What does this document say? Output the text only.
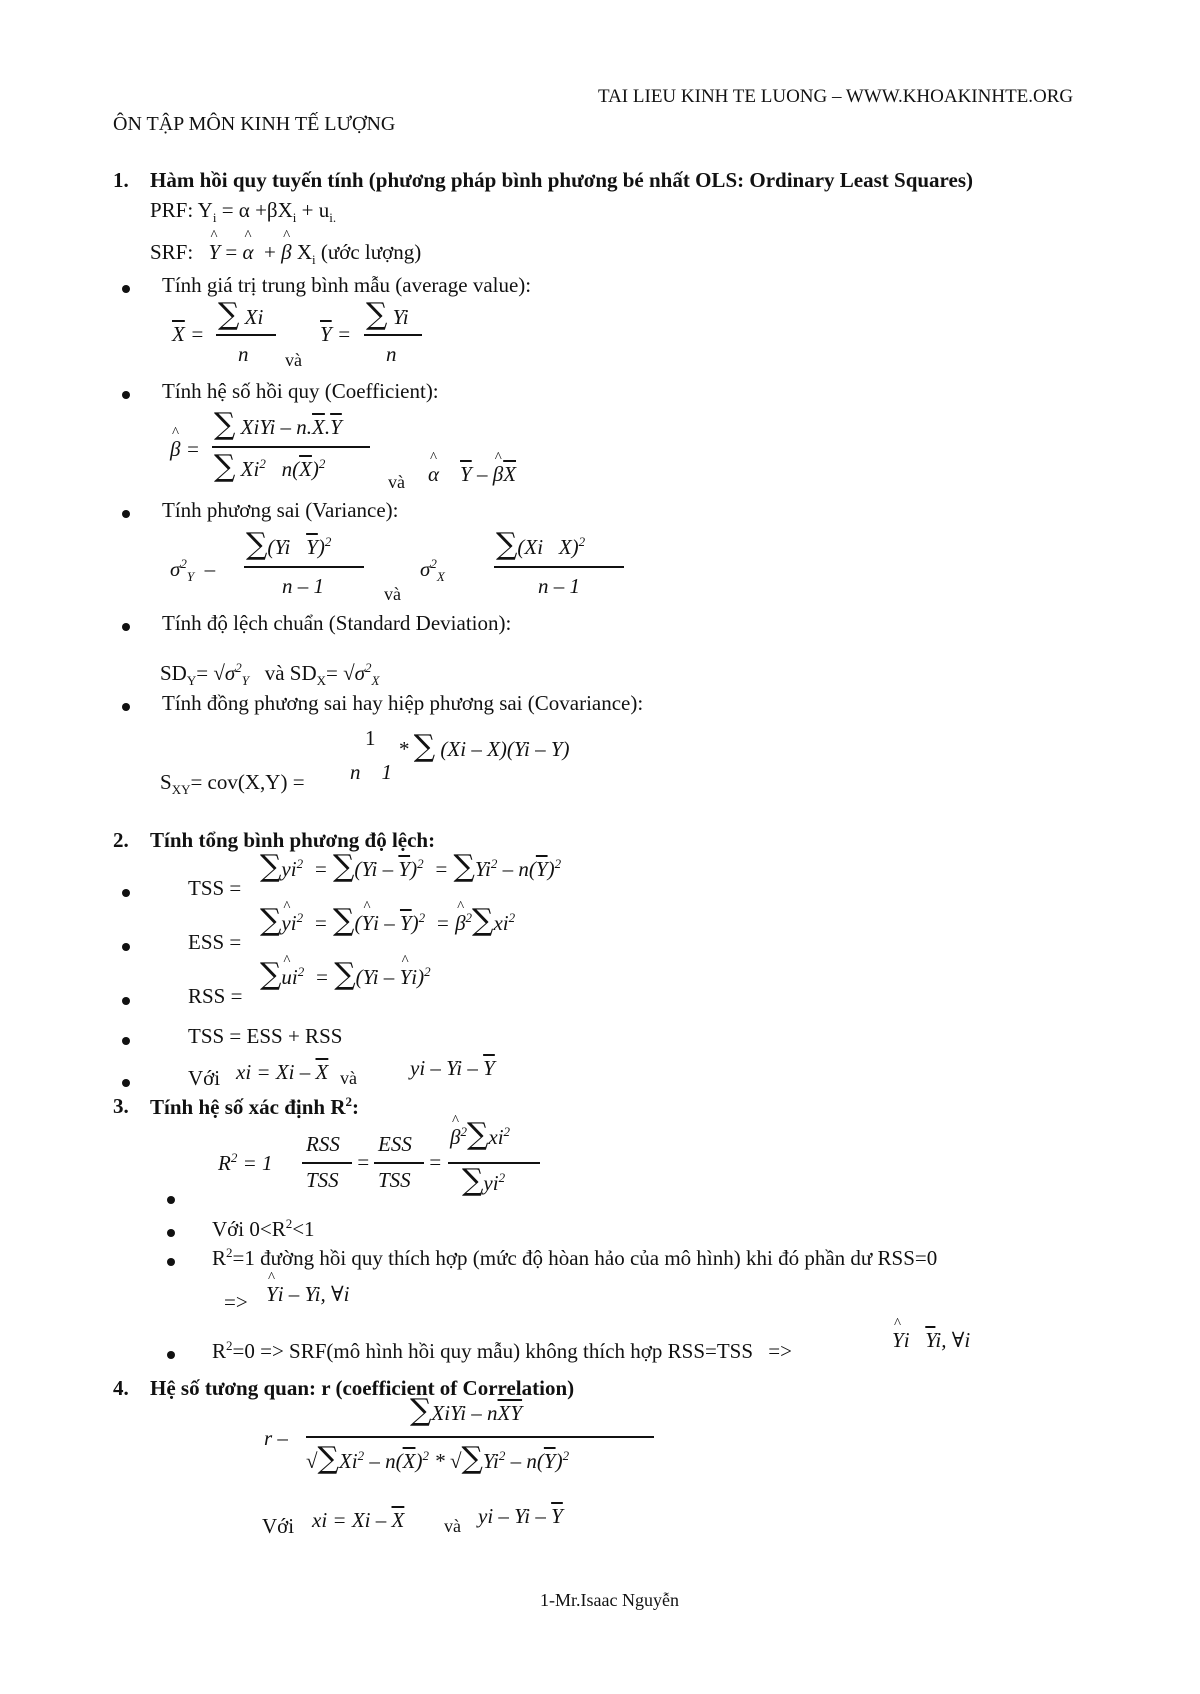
TAI LIEU KINH TE LUONG – WWW.KHOAKINHTE.ORG
ÔN TẬP MÔN KINH TẾ LƯỢNG
1. Hàm hồi quy tuyến tính (phương pháp bình phương bé nhất OLS: Ordinary Least Squares)
PRF: $Y_i = \alpha +\beta X_i + u_{i.}$
SRF: ^ Y = ^ α  + ^ β $X_i$ (ước lượng)
Tính giá trị trung bình mẫu (average value):
$\overline{X}$ =
∑ Xi
n và
$\overline{Y}$ =
∑ Yi
n
Tính hệ số hồi quy (Coefficient):
^ β =
∑ XiYi – $n.\overline{X}.\overline{Y}$
∑ Xi$^2$   $n(\overline{X})^2$
và ^ α $\overline{Y}$ – ^ $\beta\overline{X}$
Tính phương sai (Variance):
$\sigma^2_Y$  –
∑(Yi   $\overline{Y})^2$
n – 1	và
$\sigma^2_X$
∑(Xi   X)$^2$
n – 1
Tính độ lệch chuẩn (Standard Deviation):
$SD_Y= √\sigma^2_Y$ và $SD_X= √\sigma^2_X$
Tính đồng phương sai hay hiệp phương sai (Covariance):
$S_{XY}= cov(X,Y)$ =
1
n    1
* ∑ (Xi – X)(Yi – Y)
2. Tính tổng bình phương độ lệch:
TSS =
$\sum yi^2 = \sum(Yi - \overline{Y})^2 = \sum Yi^2 - n(\overline{Y})^2$
ESS =
∑^ $yi^2$  = ∑(^ Yi – $\overline{Y})^2$  = ^ $\beta^2\sum xi^2$
RSS =
∑^ $ui^2 = \sum(Yi$ – ^ Yi)$^2$
TSS = ESS + RSS
Với xi = Xi – $\overline{X}$ và	yi – Yi – $\overline{Y}$
3. Tính hệ số xác định $R^2$:
$R^2 = 1$
RSS
TSS
=
ESS
TSS
=
^ $\beta^2\sum xi^2$
$\sum yi^2$
Với $0<R^2<1$
$R^2=1$ đường hồi quy thích hợp (mức độ hòan hảo của mô hình) khi đó phần dư RSS=0
=> ^ Yi – Yi, ∀i
$R^2=0$ => SRF(mô hình hồi quy mẫu) không thích hợp RSS=TSS =>	^ Yi   $\overline{Y}i$, ∀i
4. Hệ số tương quan: r (coefficient of Correlation)
r –
∑XiYi – $n\overline{XY}$
$√\sum Xi^2 - n(\overline{X})^2 * √\sum Yi^2 - n(\overline{Y})^2$
Với xi = Xi – $\overline{X}$ và yi – Yi – $\overline{Y}$
1-Mr.Isaac Nguyễn
